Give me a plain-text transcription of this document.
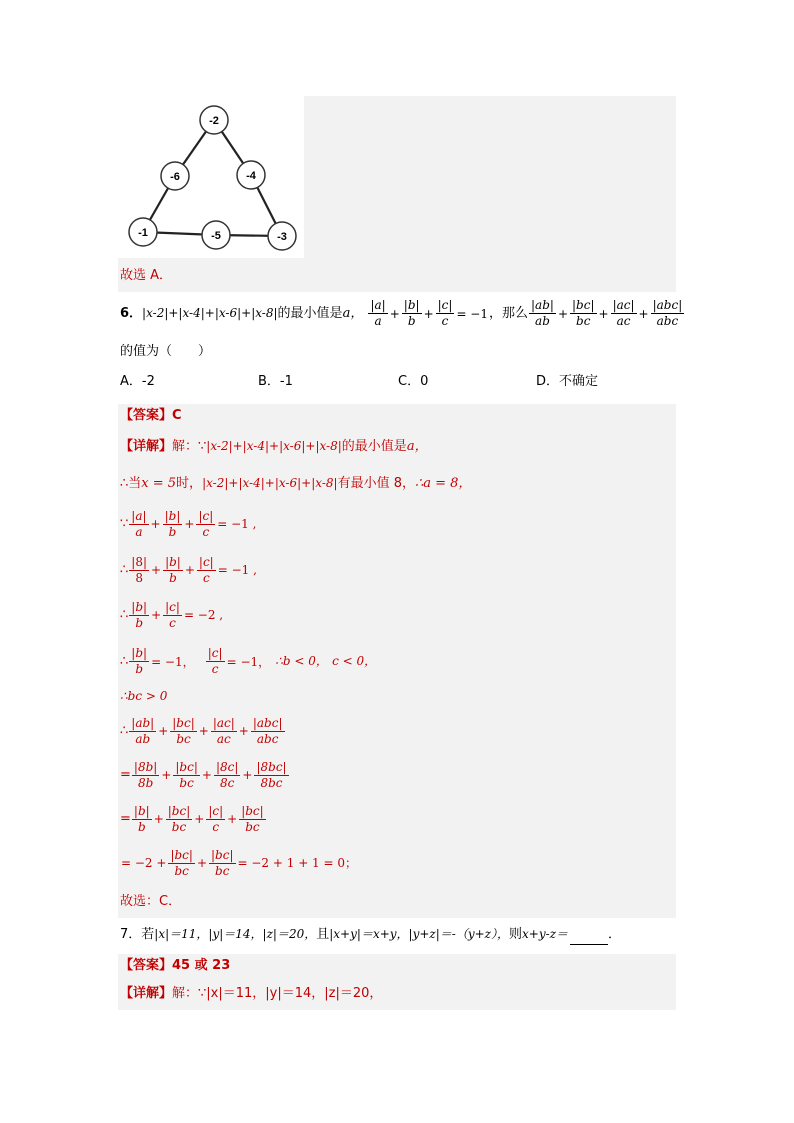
-2
-6	-4
-1	-5	-3
故选 A．
6．|x-2|+|x-4|+|x-6|+|x-8|的最小值是a， $\frac{|a|}{a} + \frac{|b|}{b} + \frac{|c|}{c} = -1$，那么 $\frac{|ab|}{ab} + \frac{|bc|}{bc} + \frac{|ac|}{ac} + \frac{\text{|abc|}}{\text{abc}}$
的值为（　　）
A．-2	B．-1	C．0	D．不确定
【答案】C
【详解】解：∵|x-2|+|x-4|+|x-6|+|x-8|的最小值是a，
∴当x = 5时，|x-2|+|x-4|+|x-6|+|x-8|有最小值 8，∴a = 8，
∵ $\frac{|a|}{a} + \frac{|b|}{b} + \frac{|c|}{c} = -1$ ,
∴ $\frac{|8|}{8} + \frac{|b|}{b} + \frac{|c|}{c} = -1$ ,
∴ $\frac{|b|}{b} + \frac{|c|}{c} = -2$ ,
∴ $\frac{|b|}{b} = -1$， $\frac{|c|}{c} = -1$， ∴b < 0， c < 0，
∴bc > 0
∴ $\frac{|ab|}{ab} + \frac{|bc|}{bc} + \frac{|ac|}{ac} + \frac{\text{|abc|}}{\text{abc}}$
= $\frac{|8b|}{8b} + \frac{|bc|}{bc} + \frac{|8c|}{8c} + \frac{|8bc|}{8bc}$
= $\frac{|b|}{b} + \frac{|bc|}{bc} + \frac{|c|}{c} + \frac{|bc|}{bc}$
= $-2 + \frac{|bc|}{bc} + \frac{|bc|}{bc} = -2 + 1 + 1 = 0$；
故选：C．
7．若|x|＝11，|y|＝14，|z|＝20，且|x+y|＝x+y，|y+z|＝-（y+z），则x+y-z＝	．
【答案】45 或 23
【详解】解：∵|x|＝11，|y|＝14，|z|＝20，
